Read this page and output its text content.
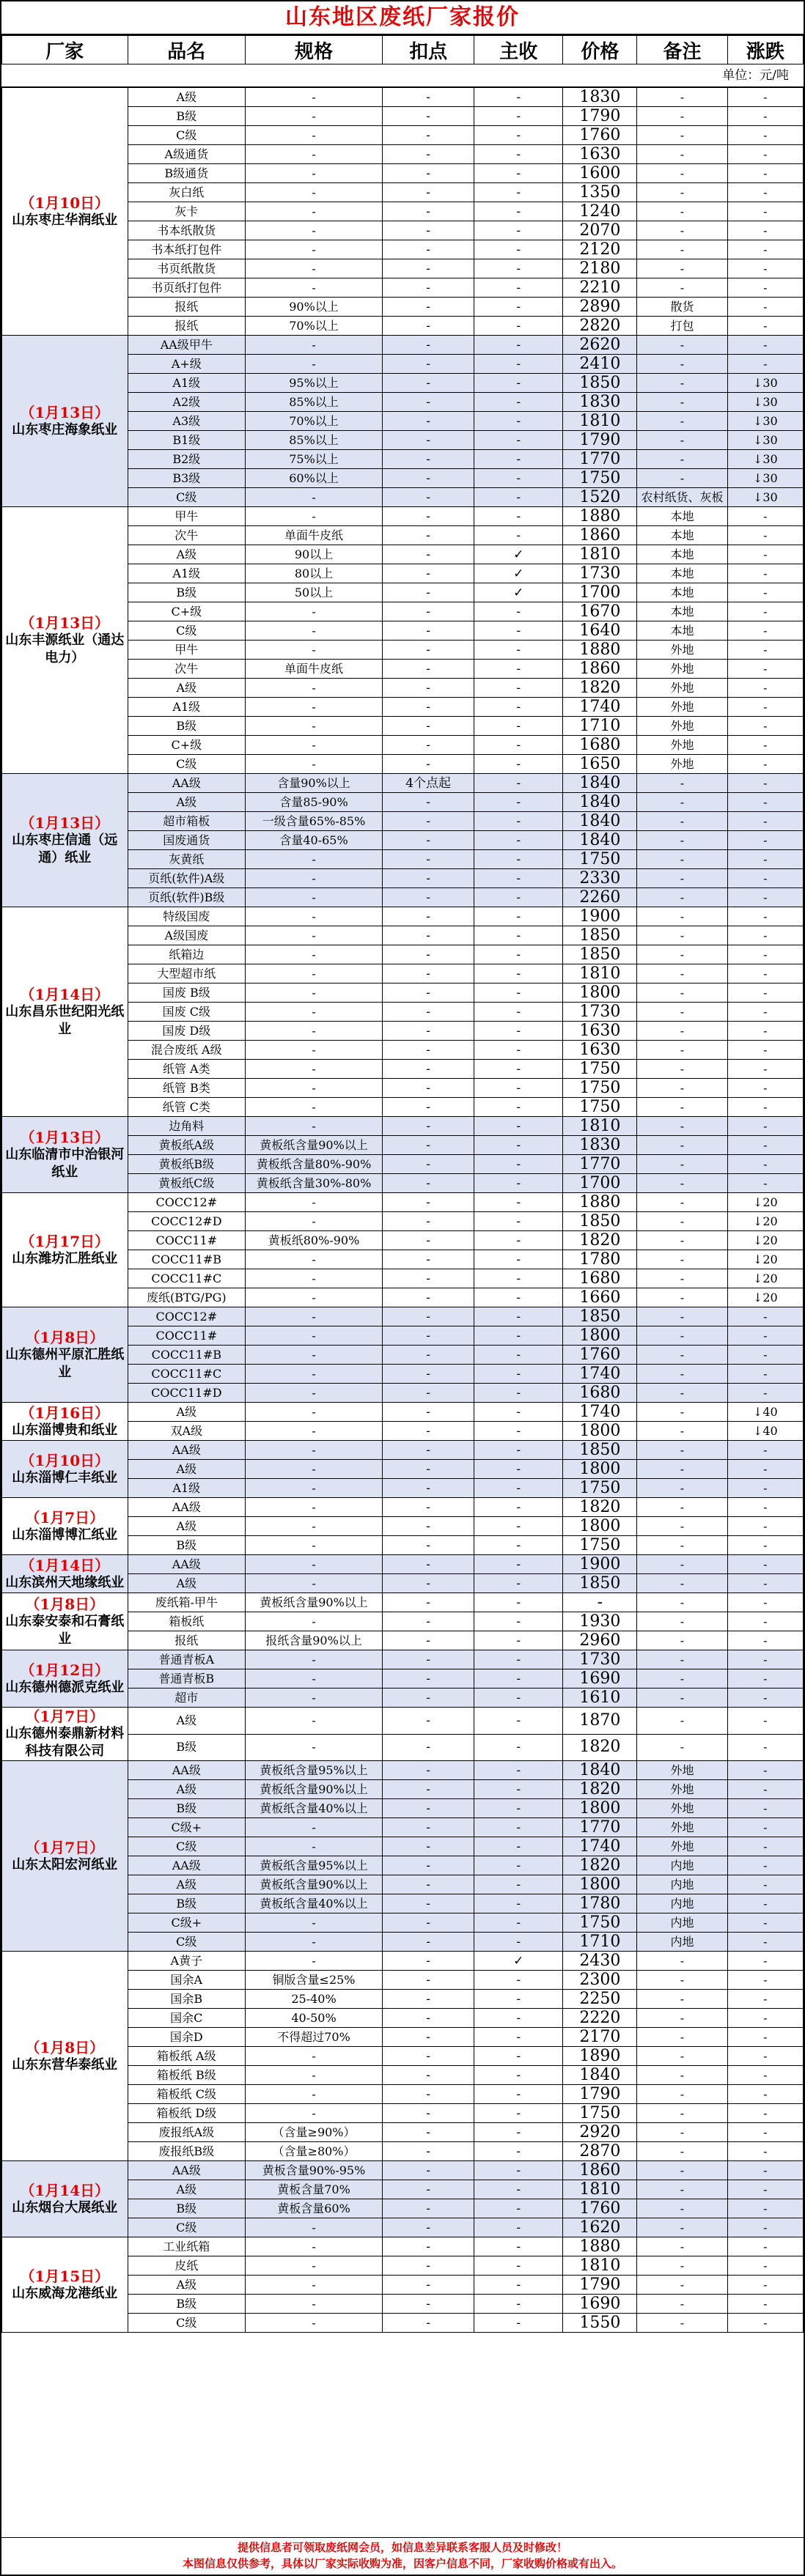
山东地区废纸厂家报价
厂家	品名	规格	扣点	主收	价格	备注	涨跌
单位：元/吨
（1月10日）
山东枣庄华润纸业	A级	-	-	-	1830	-	-
	B级	-	-	-	1790	-	-
	C级	-	-	-	1760	-	-
	A级通货	-	-	-	1630	-	-
	B级通货	-	-	-	1600	-	-
	灰白纸	-	-	-	1350	-	-
	灰卡	-	-	-	1240	-	-
	书本纸散货	-	-	-	2070	-	-
	书本纸打包件	-	-	-	2120	-	-
	书页纸散货	-	-	-	2180	-	-
	书页纸打包件	-	-	-	2210	-	-
	报纸	90%以上	-	-	2890	散货	-
	报纸	70%以上	-	-	2820	打包	-

（1月13日）
山东枣庄海象纸业	AA级甲牛	-	-	-	2620	-	-
	A+级	-	-	-	2410	-	-
	A1级	95%以上	-	-	1850	-	↓30
	A2级	85%以上	-	-	1830	-	↓30
	A3级	70%以上	-	-	1810	-	↓30
	B1级	85%以上	-	-	1790	-	↓30
	B2级	75%以上	-	-	1770	-	↓30
	B3级	60%以上	-	-	1750	-	↓30
	C级	-	-	-	1520	农村纸货、灰板	↓30

（1月13日）
山东丰源纸业（通达电力）	甲牛	-	-	-	1880	本地	-
	次牛	单面牛皮纸	-	-	1860	本地	-
	A级	90以上	-	✓	1810	本地	-
	A1级	80以上	-	✓	1730	本地	-
	B级	50以上	-	✓	1700	本地	-
	C+级	-	-	-	1670	本地	-
	C级	-	-	-	1640	本地	-
	甲牛	-	-	-	1880	外地	-
	次牛	单面牛皮纸	-	-	1860	外地	-
	A级	-	-	-	1820	外地	-
	A1级	-	-	-	1740	外地	-
	B级	-	-	-	1710	外地	-
	C+级	-	-	-	1680	外地	-
	C级	-	-	-	1650	外地	-

（1月13日）
山东枣庄信通（远通）纸业	AA级	含量90%以上	4个点起	-	1840	-	-
	A级	含量85-90%	-	-	1840	-	-
	超市箱板	一级含量65%-85%	-	-	1840	-	-
	国废通货	含量40-65%	-	-	1840	-	-
	灰黄纸	-	-	-	1750	-	-
	页纸(软件)A级	-	-	-	2330	-	-
	页纸(软件)B级	-	-	-	2260	-	-

（1月14日）
山东昌乐世纪阳光纸业	特级国废	-	-	-	1900	-	-
	A级国废	-	-	-	1850	-	-
	纸箱边	-	-	-	1850	-	-
	大型超市纸	-	-	-	1810	-	-
	国废 B级	-	-	-	1800	-	-
	国废 C级	-	-	-	1730	-	-
	国废 D级	-	-	-	1630	-	-
	混合废纸 A级	-	-	-	1630	-	-
	纸管 A类	-	-	-	1750	-	-
	纸管 B类	-	-	-	1750	-	-
	纸管 C类	-	-	-	1750	-	-

（1月13日）
山东临清市中治银河纸业	边角料	-	-	-	1810	-	-
	黄板纸A级	黄板纸含量90%以上	-	-	1830	-	-
	黄板纸B级	黄板纸含量80%-90%	-	-	1770	-	-
	黄板纸C级	黄板纸含量30%-80%	-	-	1700	-	-

（1月17日）
山东潍坊汇胜纸业	COCC12#	-	-	-	1880	-	↓20
	COCC12#D	-	-	-	1850	-	↓20
	COCC11#	黄板纸80%-90%	-	-	1820	-	↓20
	COCC11#B	-	-	-	1780	-	↓20
	COCC11#C	-	-	-	1680	-	↓20
	废纸(BTG/PG)	-	-	-	1660	-	↓20

（1月8日）
山东德州平原汇胜纸业	COCC12#	-	-	-	1850	-	-
	COCC11#	-	-	-	1800	-	-
	COCC11#B	-	-	-	1760	-	-
	COCC11#C	-	-	-	1740	-	-
	COCC11#D	-	-	-	1680	-	-

（1月16日）
山东淄博贵和纸业	A级	-	-	-	1740	-	↓40
	双A级	-	-	-	1800	-	↓40

（1月10日）
山东淄博仁丰纸业	AA级	-	-	-	1850	-	-
	A级	-	-	-	1800	-	-
	A1级	-	-	-	1750	-	-

（1月7日）
山东淄博博汇纸业	AA级	-	-	-	1820	-	-
	A级	-	-	-	1800	-	-
	B级	-	-	-	1750	-	-

（1月14日）
山东滨州天地缘纸业	AA级	-	-	-	1900	-	-
	A级	-	-	-	1850	-	-

（1月8日）
山东泰安泰和石膏纸业	废纸箱-甲牛	黄板纸含量90%以上	-	-	-	-	-
	箱板纸	-	-	-	1930	-	-
	报纸	报纸含量90%以上	-	-	2960	-	-

（1月12日）
山东德州德派克纸业	普通青板A	-	-	-	1730	-	-
	普通青板B	-	-	-	1690	-	-
	超市	-	-	-	1610	-	-

（1月7日）
山东德州泰鼎新材料科技有限公司	A级	-	-	-	1870	-	-
	B级	-	-	-	1820	-	-

（1月7日）
山东太阳宏河纸业	AA级	黄板纸含量95%以上	-	-	1840	外地	-
	A级	黄板纸含量90%以上	-	-	1820	外地	-
	B级	黄板纸含量40%以上	-	-	1800	外地	-
	C级+	-	-	-	1770	外地	-
	C级	-	-	-	1740	外地	-
	AA级	黄板纸含量95%以上	-	-	1820	内地	-
	A级	黄板纸含量90%以上	-	-	1800	内地	-
	B级	黄板纸含量40%以上	-	-	1780	内地	-
	C级+	-	-	-	1750	内地	-
	C级	-	-	-	1710	内地	-

（1月8日）
山东东营华泰纸业	A黄子	-	-	✓	2430	-	-
	国余A	铜版含量≤25%	-	-	2300	-	-
	国余B	25-40%	-	-	2250	-	-
	国余C	40-50%	-	-	2220	-	-
	国余D	不得超过70%	-	-	2170	-	-
	箱板纸 A级	-	-	-	1890	-	-
	箱板纸 B级	-	-	-	1840	-	-
	箱板纸 C级	-	-	-	1790	-	-
	箱板纸 D级	-	-	-	1750	-	-
	废报纸A级	（含量≥90%）	-	-	2920	-	-
	废报纸B级	（含量≥80%）	-	-	2870	-	-

（1月14日）
山东烟台大展纸业	AA级	黄板含量90%-95%	-	-	1860	-	-
	A级	黄板含量70%	-	-	1810	-	-
	B级	黄板含量60%	-	-	1760	-	-
	C级	-	-	-	1620	-	-

（1月15日）
山东威海龙港纸业	工业纸箱	-	-	-	1880	-	-
	皮纸	-	-	-	1810	-	-
	A级	-	-	-	1790	-	-
	B级	-	-	-	1690	-	-
	C级	-	-	-	1550	-	-
提供信息者可领取废纸网会员，如信息差异联系客服人员及时修改！
本图信息仅供参考，具体以厂家实际收购为准，因客户信息不同，厂家收购价格或有出入。
